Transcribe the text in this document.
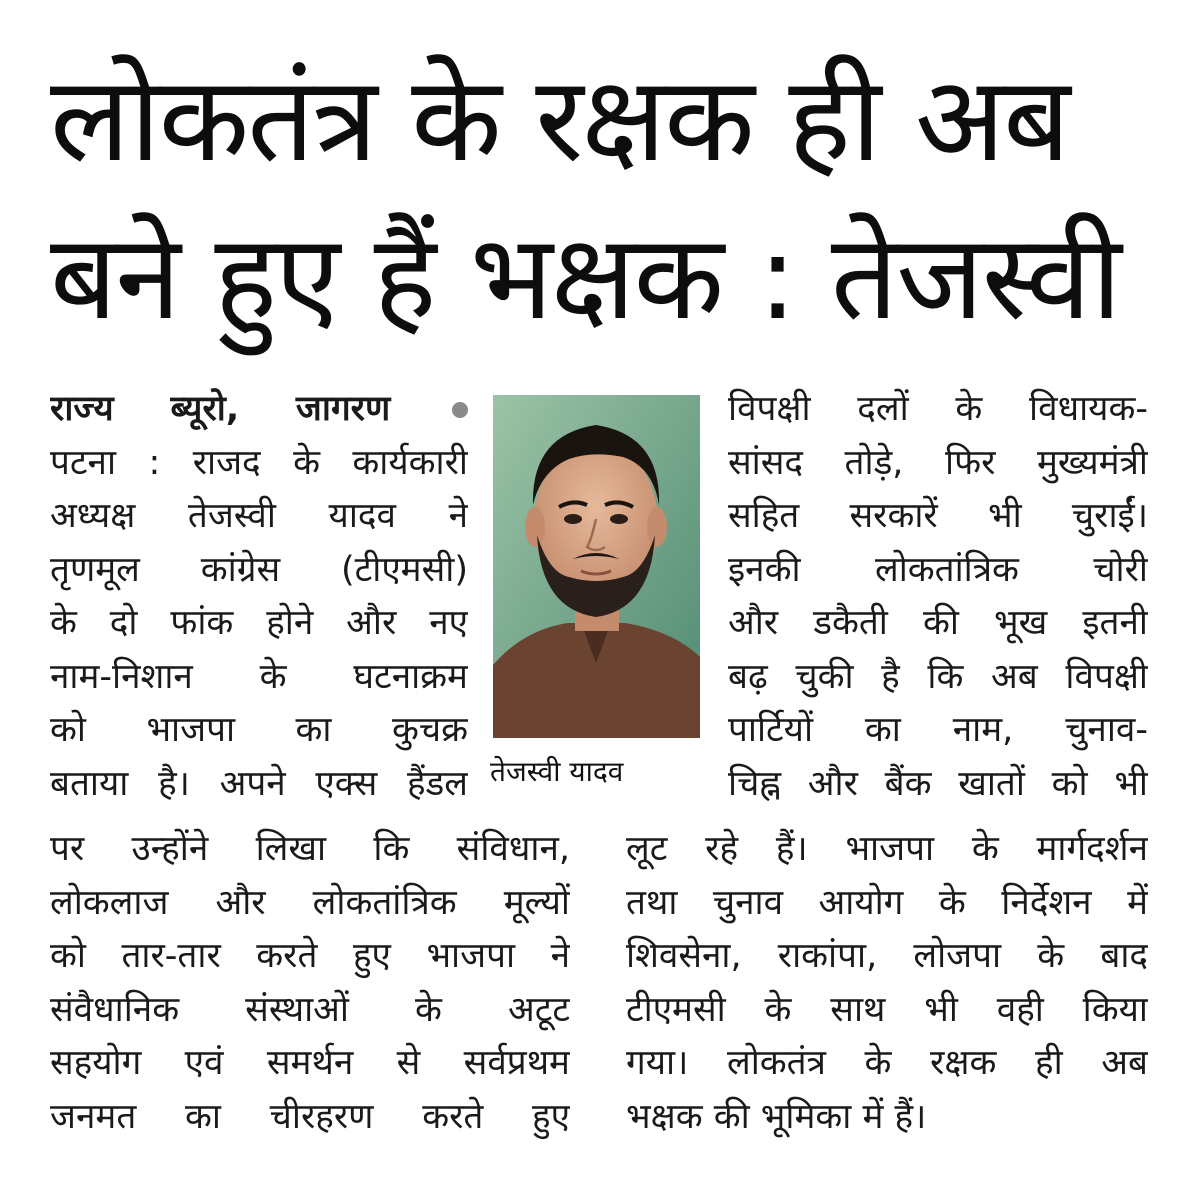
लोकतंत्र के रक्षक ही अब
बने हुए हैं भक्षक : तेजस्वी
राज्य ब्यूरो, जागरण
पटना : राजद के कार्यकारी
अध्यक्ष तेजस्वी यादव ने
तृणमूल कांग्रेस (टीएमसी)
के दो फांक होने और नए
नाम-निशान के घटनाक्रम
को भाजपा का कुचक्र
बताया है। अपने एक्स हैंडल
पर उन्होंने लिखा कि संविधान,
लोकलाज और लोकतांत्रिक मूल्यों
को तार-तार करते हुए भाजपा ने
संवैधानिक संस्थाओं के अटूट
सहयोग एवं समर्थन से सर्वप्रथम
जनमत का चीरहरण करते हुए
तेजस्वी यादव
विपक्षी दलों के विधायक-
सांसद तोड़े, फिर मुख्यमंत्री
सहित सरकारें भी चुराईं।
इनकी लोकतांत्रिक चोरी
और डकैती की भूख इतनी
बढ़ चुकी है कि अब विपक्षी
पार्टियों का नाम, चुनाव-
चिह्न और बैंक खातों को भी
लूट रहे हैं। भाजपा के मार्गदर्शन
तथा चुनाव आयोग के निर्देशन में
शिवसेना, राकांपा, लोजपा के बाद
टीएमसी के साथ भी वही किया
गया। लोकतंत्र के रक्षक ही अब
भक्षक की भूमिका में हैं।
